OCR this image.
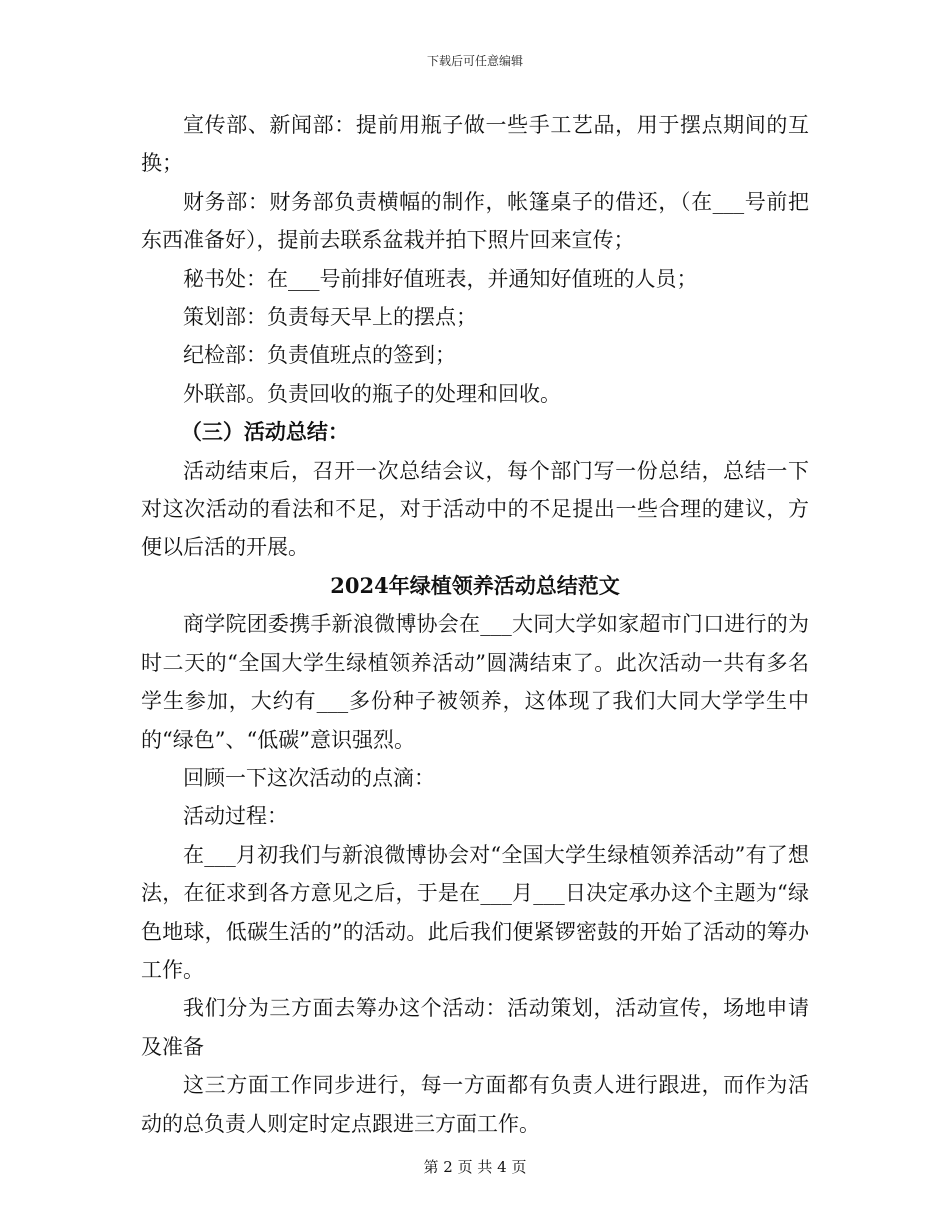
下载后可任意编辑

宣传部、新闻部：提前用瓶子做一些手工艺品，用于摆点期间的互换；

财务部：财务部负责横幅的制作，帐篷桌子的借还，（在___号前把东西准备好），提前去联系盆栽并拍下照片回来宣传；

秘书处：在___号前排好值班表，并通知好值班的人员；

策划部：负责每天早上的摆点；

纪检部：负责值班点的签到；

外联部。负责回收的瓶子的处理和回收。

（三）活动总结：

活动结束后，召开一次总结会议，每个部门写一份总结，总结一下对这次活动的看法和不足，对于活动中的不足提出一些合理的建议，方便以后活的开展。

2024年绿植领养活动总结范文

商学院团委携手新浪微博协会在___大同大学如家超市门口进行的为时二天的“全国大学生绿植领养活动”圆满结束了。此次活动一共有多名学生参加，大约有___多份种子被领养，这体现了我们大同大学学生中的“绿色”、“低碳”意识强烈。

回顾一下这次活动的点滴：

活动过程：

在___月初我们与新浪微博协会对“全国大学生绿植领养活动”有了想法，在征求到各方意见之后，于是在___月___日决定承办这个主题为“绿色地球，低碳生活的”的活动。此后我们便紧锣密鼓的开始了活动的筹办工作。

我们分为三方面去筹办这个活动：活动策划，活动宣传，场地申请及准备

这三方面工作同步进行，每一方面都有负责人进行跟进，而作为活动的总负责人则定时定点跟进三方面工作。

第 2 页 共 4 页
